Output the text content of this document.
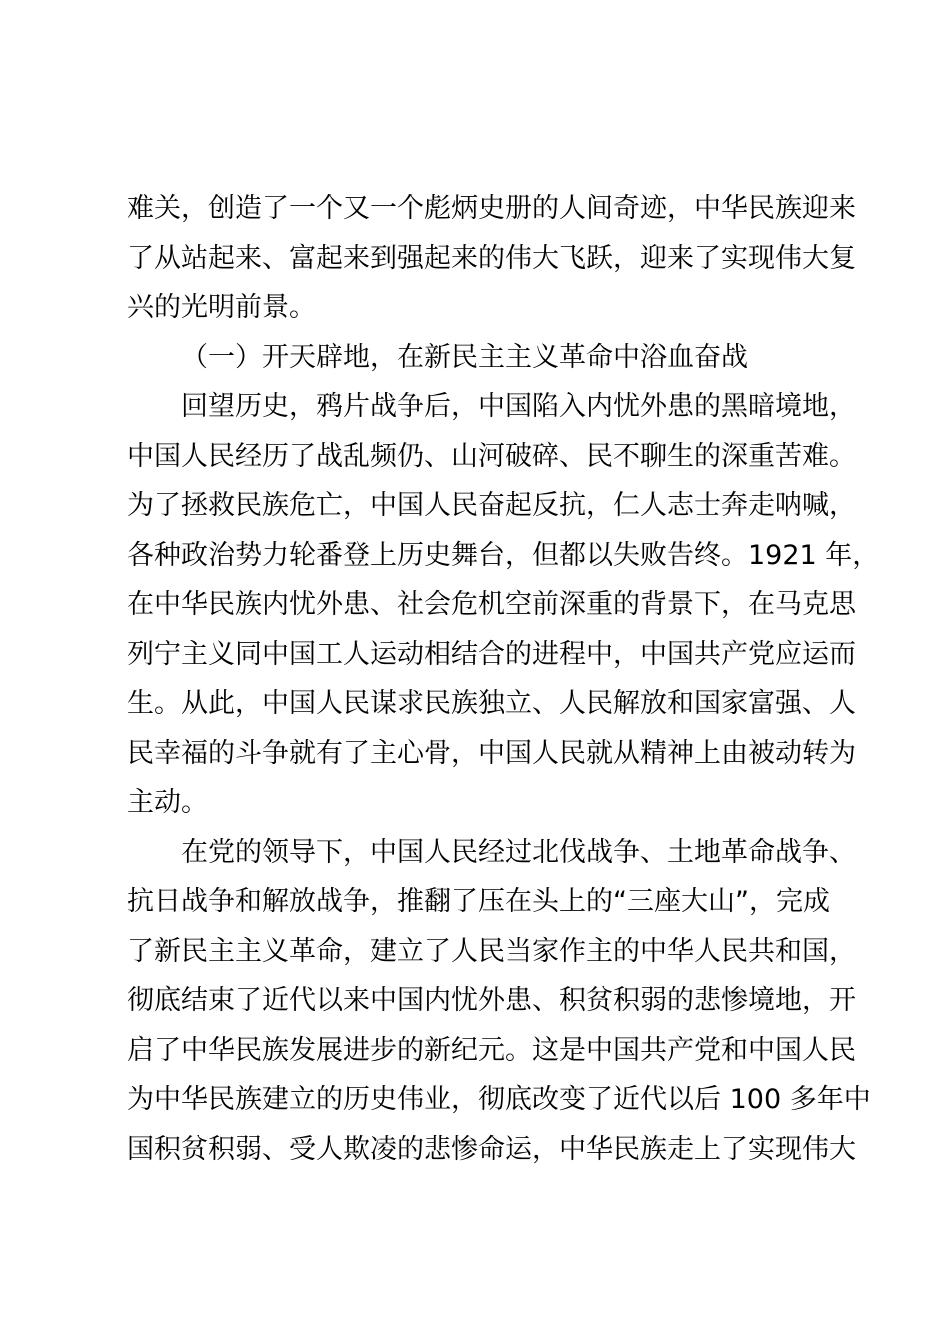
难关，创造了一个又一个彪炳史册的人间奇迹，中华民族迎来
了从站起来、富起来到强起来的伟大飞跃，迎来了实现伟大复
兴的光明前景。
（一）开天辟地，在新民主主义革命中浴血奋战
回望历史，鸦片战争后，中国陷入内忧外患的黑暗境地，
中国人民经历了战乱频仍、山河破碎、民不聊生的深重苦难。
为了拯救民族危亡，中国人民奋起反抗，仁人志士奔走呐喊，
各种政治势力轮番登上历史舞台，但都以失败告终。1921 年，
在中华民族内忧外患、社会危机空前深重的背景下，在马克思
列宁主义同中国工人运动相结合的进程中，中国共产党应运而
生。从此，中国人民谋求民族独立、人民解放和国家富强、人
民幸福的斗争就有了主心骨，中国人民就从精神上由被动转为
主动。
在党的领导下，中国人民经过北伐战争、土地革命战争、
抗日战争和解放战争，推翻了压在头上的“三座大山”，完成
了新民主主义革命，建立了人民当家作主的中华人民共和国，
彻底结束了近代以来中国内忧外患、积贫积弱的悲惨境地，开
启了中华民族发展进步的新纪元。这是中国共产党和中国人民
为中华民族建立的历史伟业，彻底改变了近代以后 100 多年中
国积贫积弱、受人欺凌的悲惨命运，中华民族走上了实现伟大
